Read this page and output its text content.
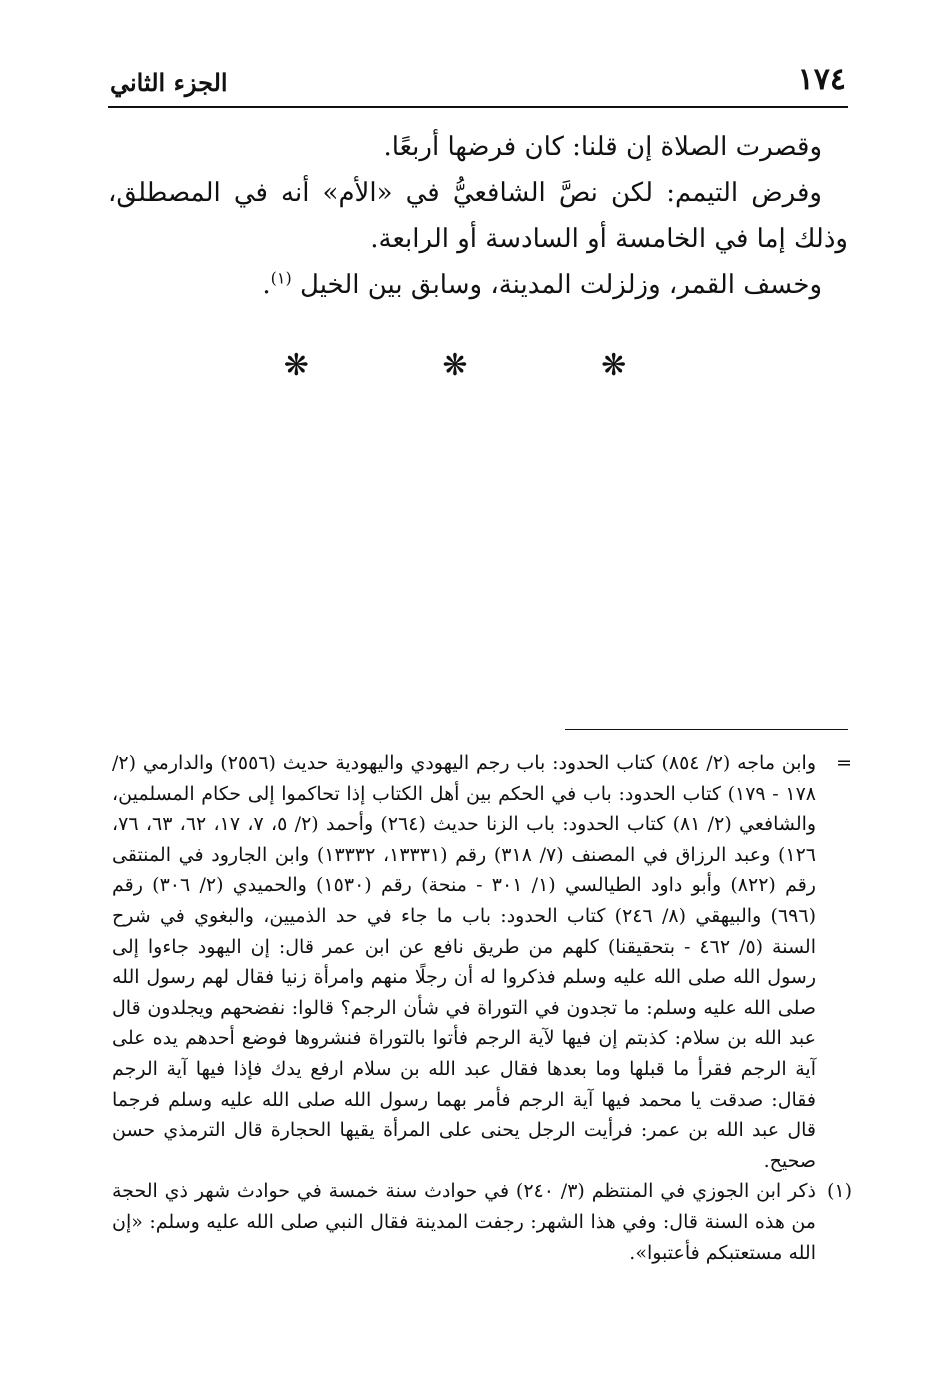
١٧٤
الجزء الثاني

وقصرت الصلاة إن قلنا: كان فرضها أربعًا.

وفرض التيمم: لكن نصَّ الشافعيُّ في «الأم» أنه في المصطلق، وذلك إما في الخامسة أو السادسة أو الرابعة.

وخسف القمر، وزلزلت المدينة، وسابق بين الخيل $^{(١)}$.

❋	❋	❋

=
وابن ماجه (٢/ ٨٥٤) كتاب الحدود: باب رجم اليهودي واليهودية حديث (٢٥٥٦) والدارمي (٢/ ١٧٨ - ١٧٩) كتاب الحدود: باب في الحكم بين أهل الكتاب إذا تحاكموا إلى حكام المسلمين، والشافعي (٢/ ٨١) كتاب الحدود: باب الزنا حديث (٢٦٤) وأحمد (٢/ ٥، ٧، ١٧، ٦٢، ٦٣، ٧٦، ١٢٦) وعبد الرزاق في المصنف (٧/ ٣١٨) رقم (١٣٣٣١، ١٣٣٣٢) وابن الجارود في المنتقى رقم (٨٢٢) وأبو داود الطيالسي (١/ ٣٠١ - منحة) رقم (١٥٣٠) والحميدي (٢/ ٣٠٦) رقم (٦٩٦) والبيهقي (٨/ ٢٤٦) كتاب الحدود: باب ما جاء في حد الذميين، والبغوي في شرح السنة (٥/ ٤٦٢ - بتحقيقنا) كلهم من طريق نافع عن ابن عمر قال: إن اليهود جاءوا إلى رسول الله صلى الله عليه وسلم فذكروا له أن رجلًا منهم وامرأة زنيا فقال لهم رسول الله صلى الله عليه وسلم: ما تجدون في التوراة في شأن الرجم؟ قالوا: نفضحهم ويجلدون قال عبد الله بن سلام: كذبتم إن فيها لآية الرجم فأتوا بالتوراة فنشروها فوضع أحدهم يده على آية الرجم فقرأ ما قبلها وما بعدها فقال عبد الله بن سلام ارفع يدك فإذا فيها آية الرجم فقال: صدقت يا محمد فيها آية الرجم فأمر بهما رسول الله صلى الله عليه وسلم فرجما قال عبد الله بن عمر: فرأيت الرجل يحنى على المرأة يقيها الحجارة قال الترمذي حسن صحيح.

(١)
ذكر ابن الجوزي في المنتظم (٣/ ٢٤٠) في حوادث سنة خمسة في حوادث شهر ذي الحجة من هذه السنة قال: وفي هذا الشهر: رجفت المدينة فقال النبي صلى الله عليه وسلم: «إن الله مستعتبكم فأعتبوا».
